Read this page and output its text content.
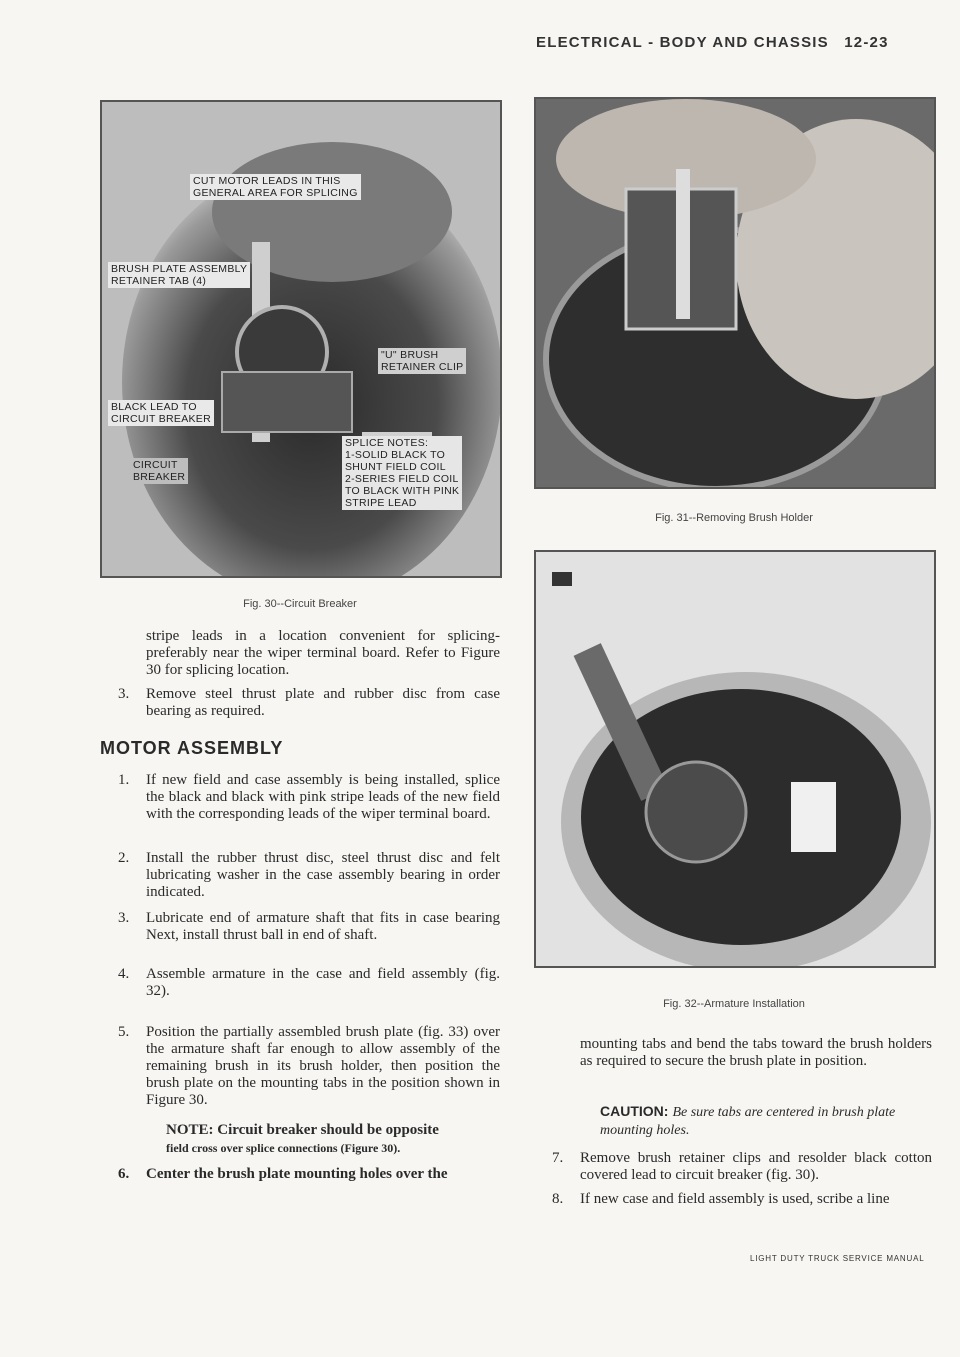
ELECTRICAL - BODY AND CHASSIS 12-23
CUT MOTOR LEADS IN THIS
GENERAL AREA FOR SPLICING
BRUSH PLATE ASSEMBLY
RETAINER TAB (4)
"U" BRUSH
RETAINER CLIP
BLACK LEAD TO
CIRCUIT BREAKER
CIRCUIT
BREAKER
SPLICE NOTES:
1-SOLID BLACK TO
SHUNT FIELD COIL
2-SERIES FIELD COIL
TO BLACK WITH PINK
STRIPE LEAD
Fig. 30--Circuit Breaker

stripe leads in a location convenient for splicing-preferably near the wiper terminal board. Refer to Figure 30 for splicing location.

3. Remove steel thrust plate and rubber disc from case bearing as required.

MOTOR ASSEMBLY
1. If new field and case assembly is being installed, splice the black and black with pink stripe leads of the new field with the corresponding leads of the wiper terminal board.

2. Install the rubber thrust disc, steel thrust disc and felt lubricating washer in the case assembly bearing in order indicated.

3. Lubricate end of armature shaft that fits in case bearing Next, install thrust ball in end of shaft.

4. Assemble armature in the case and field assembly (fig. 32).

5. Position the partially assembled brush plate (fig. 33) over the armature shaft far enough to allow assembly of the remaining brush in its brush holder, then position the brush plate on the mounting tabs in the position shown in Figure 30.

NOTE: Circuit breaker should be opposite
field cross over splice connections (Figure 30).
6. Center the brush plate mounting holes over the

Fig. 31--Removing Brush Holder
Fig. 32--Armature Installation

mounting tabs and bend the tabs toward the brush holders as required to secure the brush plate in position.

CAUTION: Be sure tabs are centered in brush plate mounting holes.
7. Remove brush retainer clips and resolder black cotton covered lead to circuit breaker (fig. 30).

8. If new case and field assembly is used, scribe a line

LIGHT DUTY TRUCK SERVICE MANUAL
